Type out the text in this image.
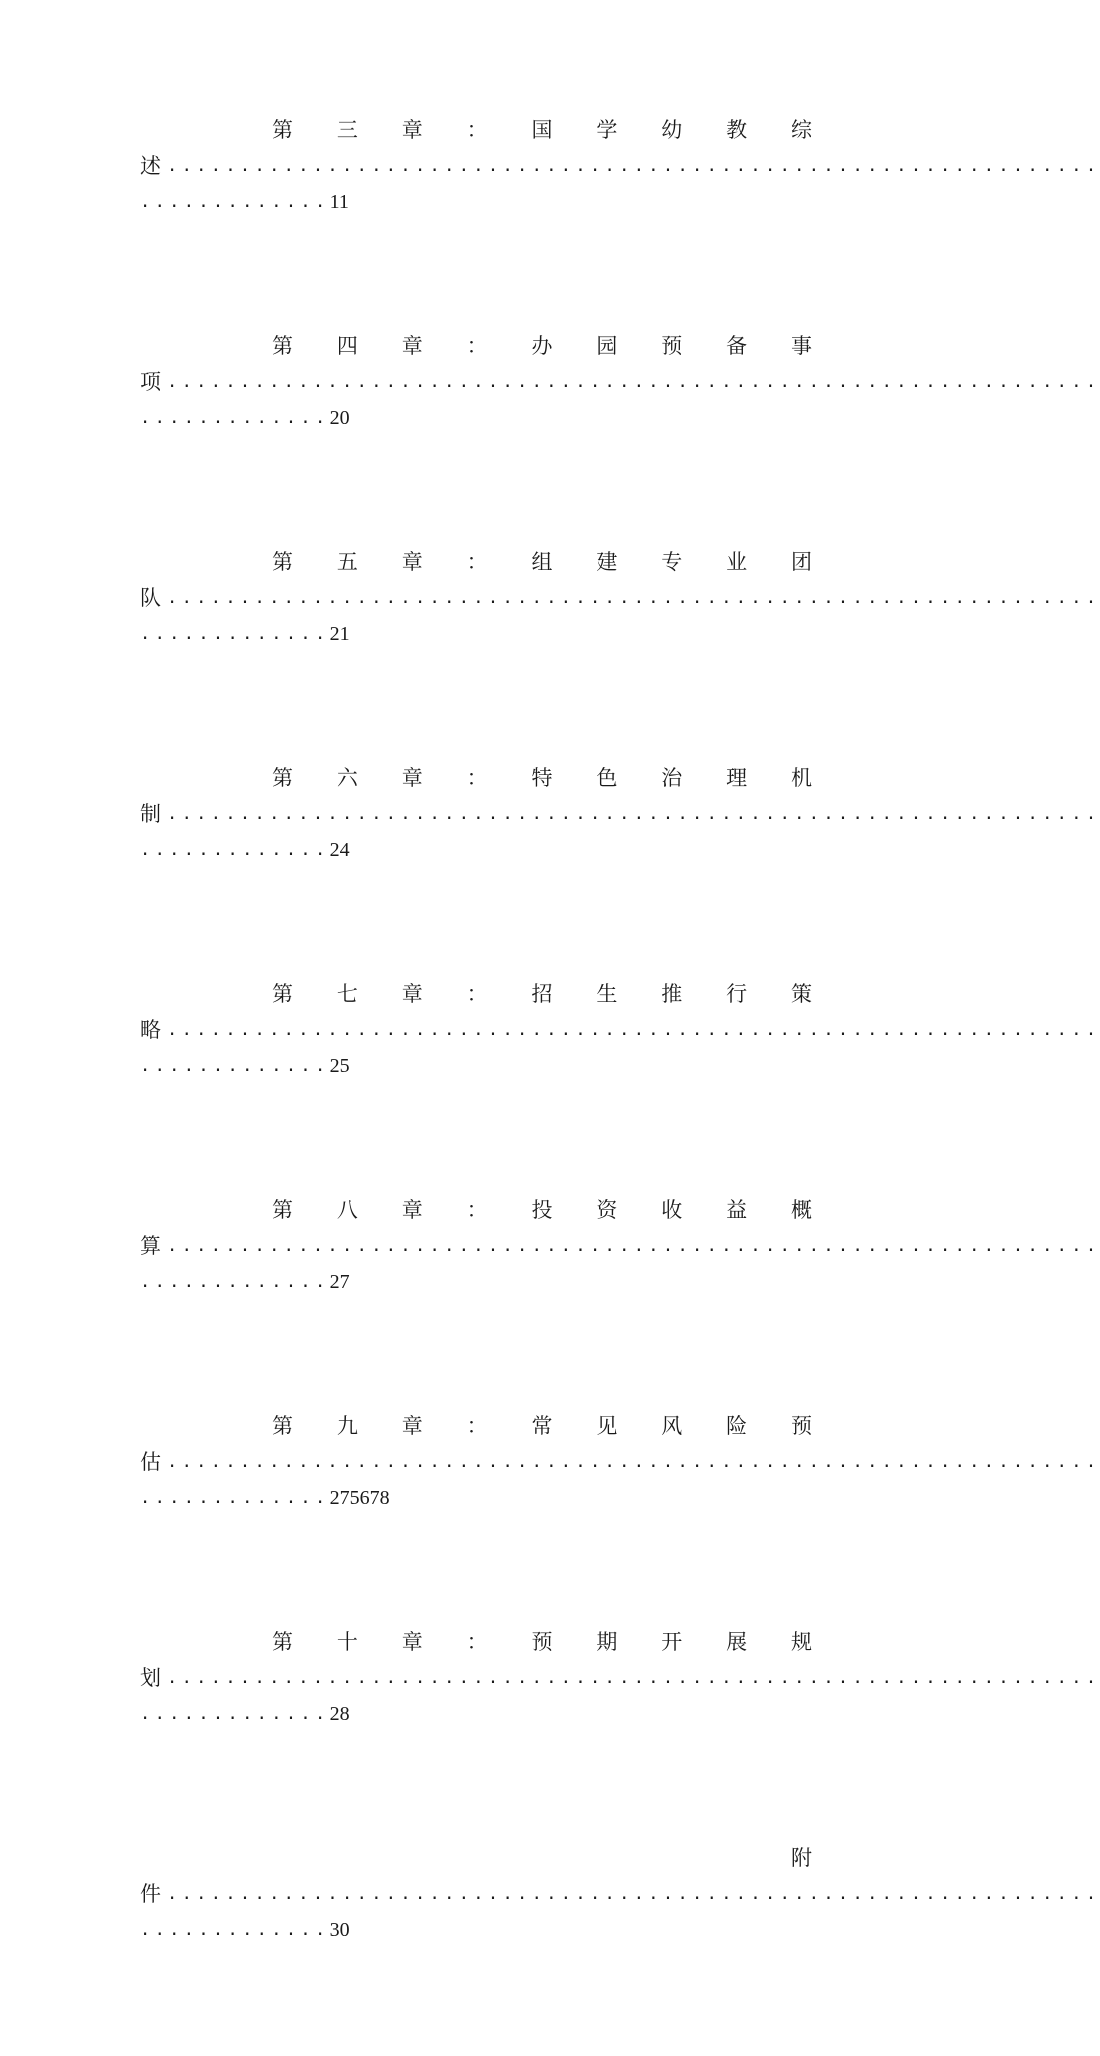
第 三 章 ： 国 学 幼 教 综
述 ................................................................
............. 11
第 四 章 ： 办 园 预 备 事
项 ................................................................
............. 20
第 五 章 ： 组 建 专 业 团
队 ................................................................
............. 21
第 六 章 ： 特 色 治 理 机
制 ................................................................
............. 24
第 七 章 ： 招 生 推 行 策
略 ................................................................
............. 25
第 八 章 ： 投 资 收 益 概
算 ................................................................
............. 27
第 九 章 ： 常 见 风 险 预
估 ................................................................
............. 275678
第 十 章 ： 预 期 开 展 规
划 ................................................................
............. 28
附
件 ................................................................
............. 30
